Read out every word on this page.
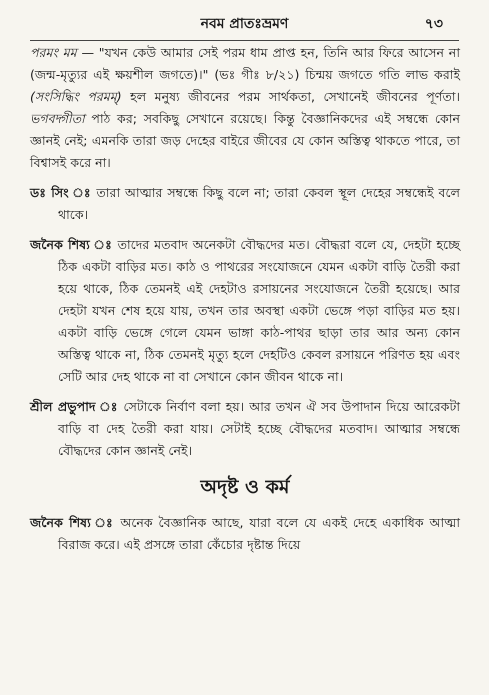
নবম প্রাতঃভ্রমণ	৭৩

পরমং মম — "যখন কেউ আমার সেই পরম ধাম প্রাপ্ত হন, তিনি আর ফিরে আসেন না (জন্ম-মৃত্যুর এই ক্ষয়শীল জগতে)।" (ভঃ গীঃ ৮/২১) চিন্ময় জগতে গতি লাভ করাই (সংসিদ্ধিং পরমম্) হল মনুষ্য জীবনের পরম সার্থকতা, সেখানেই জীবনের পূর্ণতা। ভগবদ্গীতা পাঠ কর; সবকিছু সেখানে রয়েছে। কিন্তু বৈজ্ঞানিকদের এই সম্বন্ধে কোন জ্ঞানই নেই; এমনকি তারা জড় দেহের বাইরে জীবের যে কোন অস্তিত্ব থাকতে পারে, তা বিশ্বাসই করে না।

ডঃ সিং ঃ তারা আত্মার সম্বন্ধে কিছু বলে না; তারা কেবল স্থূল দেহের সম্বন্ধেই বলে থাকে।

জনৈক শিষ্য ঃ তাদের মতবাদ অনেকটা বৌদ্ধদের মত। বৌদ্ধরা বলে যে, দেহটা হচ্ছে ঠিক একটা বাড়ির মত। কাঠ ও পাথরের সংযোজনে যেমন একটা বাড়ি তৈরী করা হয়ে থাকে, ঠিক তেমনই এই দেহটাও রসায়নের সংযোজনে তৈরী হয়েছে। আর দেহটা যখন শেষ হয়ে যায়, তখন তার অবস্থা একটা ভেঙ্গে পড়া বাড়ির মত হয়। একটা বাড়ি ভেঙ্গে গেলে যেমন ভাঙ্গা কাঠ-পাথর ছাড়া তার আর অন্য কোন অস্তিত্ব থাকে না, ঠিক তেমনই মৃত্যু হলে দেহটিও কেবল রসায়নে পরিণত হয় এবং সেটি আর দেহ থাকে না বা সেখানে কোন জীবন থাকে না।

শ্রীল প্রভুপাদ ঃ সেটাকে নির্বাণ বলা হয়। আর তখন ঐ সব উপাদান দিয়ে আরেকটা বাড়ি বা দেহ তৈরী করা যায়। সেটাই হচ্ছে বৌদ্ধদের মতবাদ। আত্মার সম্বন্ধে বৌদ্ধদের কোন জ্ঞানই নেই।

অদৃষ্ট ও কর্ম

জনৈক শিষ্য ঃ অনেক বৈজ্ঞানিক আছে, যারা বলে যে একই দেহে একাধিক আত্মা বিরাজ করে। এই প্রসঙ্গে তারা কেঁচোর দৃষ্টান্ত দিয়ে
